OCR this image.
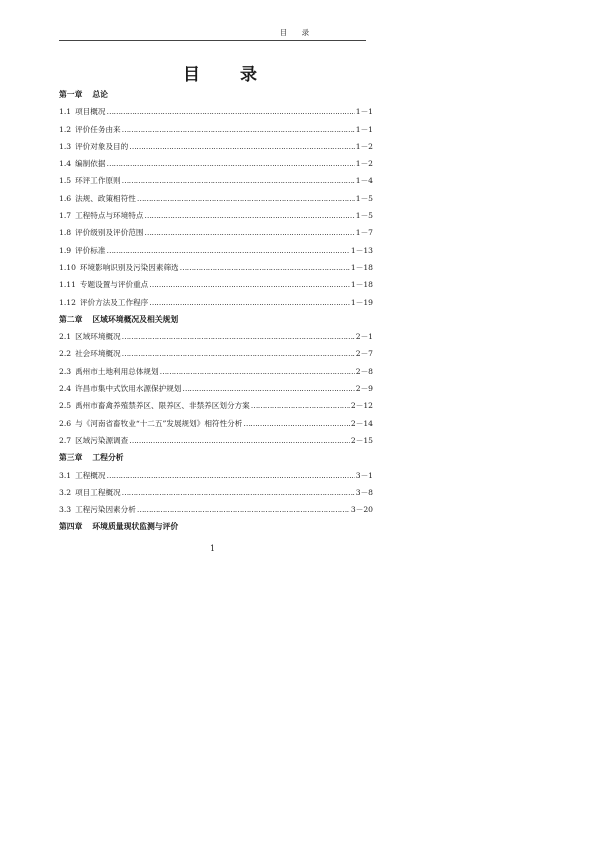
目 录
目 录
第一章 总论
1.1 项目概况 ……………………………………………………………………………………………………………………………………………………………………………	1－1
1.2 评价任务由来 ……………………………………………………………………………………………………………………………………………………………………………	1－1
1.3 评价对象及目的 ……………………………………………………………………………………………………………………………………………………………………………	1－2
1.4 编制依据 ……………………………………………………………………………………………………………………………………………………………………………	1－2
1.5 环评工作原则 ……………………………………………………………………………………………………………………………………………………………………………	1－4
1.6 法规、政策相符性 ……………………………………………………………………………………………………………………………………………………………………………	1－5
1.7 工程特点与环境特点 ……………………………………………………………………………………………………………………………………………………………………………	1－5
1.8 评价级别及评价范围 ……………………………………………………………………………………………………………………………………………………………………………	1－7
1.9 评价标准 ……………………………………………………………………………………………………………………………………………………………………………	1－13
1.10 环境影响识别及污染因素筛选 ……………………………………………………………………………………………………………………………………………………………………………	1－18
1.11 专题设置与评价重点 ……………………………………………………………………………………………………………………………………………………………………………	1－18
1.12 评价方法及工作程序 ……………………………………………………………………………………………………………………………………………………………………………	1－19
第二章 区域环境概况及相关规划
2.1 区域环境概况 ……………………………………………………………………………………………………………………………………………………………………………	2－1
2.2 社会环境概况 ……………………………………………………………………………………………………………………………………………………………………………	2－7
2.3 禹州市土地利用总体规划 ……………………………………………………………………………………………………………………………………………………………………………	2－8
2.4 许昌市集中式饮用水源保护规划 ……………………………………………………………………………………………………………………………………………………………………………	2－9
2.5 禹州市畜禽养殖禁养区、限养区、非禁养区划分方案 ……………………………………………………………………………………………………………………………………………………………………………	2－12
2.6 与《河南省畜牧业“十二五”发展规划》相符性分析 ……………………………………………………………………………………………………………………………………………………………………………	2－14
2.7 区域污染源调查 ……………………………………………………………………………………………………………………………………………………………………………	2－15
第三章 工程分析
3.1 工程概况 ……………………………………………………………………………………………………………………………………………………………………………	3－1
3.2 项目工程概况 ……………………………………………………………………………………………………………………………………………………………………………	3－8
3.3 工程污染因素分析 ……………………………………………………………………………………………………………………………………………………………………………	3－20
第四章 环境质量现状监测与评价
1
